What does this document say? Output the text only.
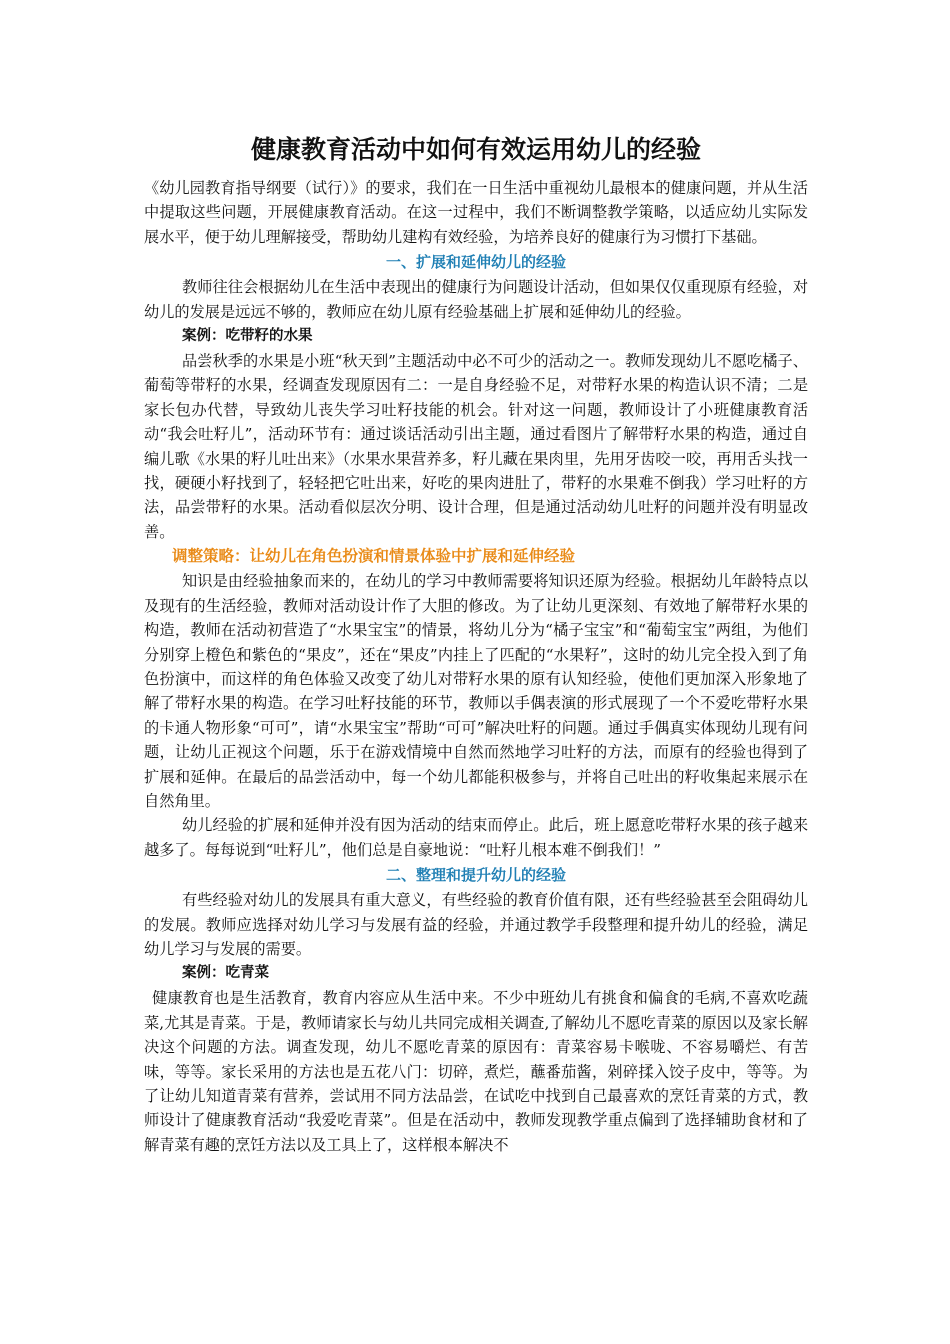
健康教育活动中如何有效运用幼儿的经验

《幼儿园教育指导纲要（试行）》的要求，我们在一日生活中重视幼儿最根本的健康问题，并从生活中提取这些问题，开展健康教育活动。在这一过程中，我们不断调整教学策略，以适应幼儿实际发展水平，便于幼儿理解接受，帮助幼儿建构有效经验，为培养良好的健康行为习惯打下基础。

一、扩展和延伸幼儿的经验

教师往往会根据幼儿在生活中表现出的健康行为问题设计活动，但如果仅仅重现原有经验，对幼儿的发展是远远不够的，教师应在幼儿原有经验基础上扩展和延伸幼儿的经验。

案例：吃带籽的水果

品尝秋季的水果是小班“秋天到”主题活动中必不可少的活动之一。教师发现幼儿不愿吃橘子、葡萄等带籽的水果，经调查发现原因有二：一是自身经验不足，对带籽水果的构造认识不清；二是家长包办代替，导致幼儿丧失学习吐籽技能的机会。针对这一问题，教师设计了小班健康教育活动“我会吐籽儿”，活动环节有：通过谈话活动引出主题，通过看图片了解带籽水果的构造，通过自编儿歌《水果的籽儿吐出来》（水果水果营养多，籽儿藏在果肉里，先用牙齿咬一咬，再用舌头找一找，硬硬小籽找到了，轻轻把它吐出来，好吃的果肉进肚了，带籽的水果难不倒我）学习吐籽的方法，品尝带籽的水果。活动看似层次分明、设计合理，但是通过活动幼儿吐籽的问题并没有明显改善。

调整策略：让幼儿在角色扮演和情景体验中扩展和延伸经验

知识是由经验抽象而来的，在幼儿的学习中教师需要将知识还原为经验。根据幼儿年龄特点以及现有的生活经验，教师对活动设计作了大胆的修改。为了让幼儿更深刻、有效地了解带籽水果的构造，教师在活动初营造了“水果宝宝”的情景，将幼儿分为“橘子宝宝”和“葡萄宝宝”两组，为他们分别穿上橙色和紫色的“果皮”，还在“果皮”内挂上了匹配的“水果籽”，这时的幼儿完全投入到了角色扮演中，而这样的角色体验又改变了幼儿对带籽水果的原有认知经验，使他们更加深入形象地了解了带籽水果的构造。在学习吐籽技能的环节，教师以手偶表演的形式展现了一个不爱吃带籽水果的卡通人物形象“可可”，请“水果宝宝”帮助“可可”解决吐籽的问题。通过手偶真实体现幼儿现有问题，让幼儿正视这个问题，乐于在游戏情境中自然而然地学习吐籽的方法，而原有的经验也得到了扩展和延伸。在最后的品尝活动中，每一个幼儿都能积极参与，并将自己吐出的籽收集起来展示在自然角里。

幼儿经验的扩展和延伸并没有因为活动的结束而停止。此后，班上愿意吃带籽水果的孩子越来越多了。每每说到“吐籽儿”，他们总是自豪地说：“吐籽儿根本难不倒我们！”

二、整理和提升幼儿的经验

有些经验对幼儿的发展具有重大意义，有些经验的教育价值有限，还有些经验甚至会阻碍幼儿的发展。教师应选择对幼儿学习与发展有益的经验，并通过教学手段整理和提升幼儿的经验，满足幼儿学习与发展的需要。

案例：吃青菜

健康教育也是生活教育，教育内容应从生活中来。不少中班幼儿有挑食和偏食的毛病,不喜欢吃蔬菜,尤其是青菜。于是，教师请家长与幼儿共同完成相关调查,了解幼儿不愿吃青菜的原因以及家长解决这个问题的方法。调查发现，幼儿不愿吃青菜的原因有：青菜容易卡喉咙、不容易嚼烂、有苦味，等等。家长采用的方法也是五花八门：切碎，煮烂，蘸番茄酱，剁碎揉入饺子皮中，等等。为了让幼儿知道青菜有营养，尝试用不同方法品尝，在试吃中找到自己最喜欢的烹饪青菜的方式，教师设计了健康教育活动“我爱吃青菜”。但是在活动中，教师发现教学重点偏到了选择辅助食材和了解青菜有趣的烹饪方法以及工具上了，这样根本解决不
